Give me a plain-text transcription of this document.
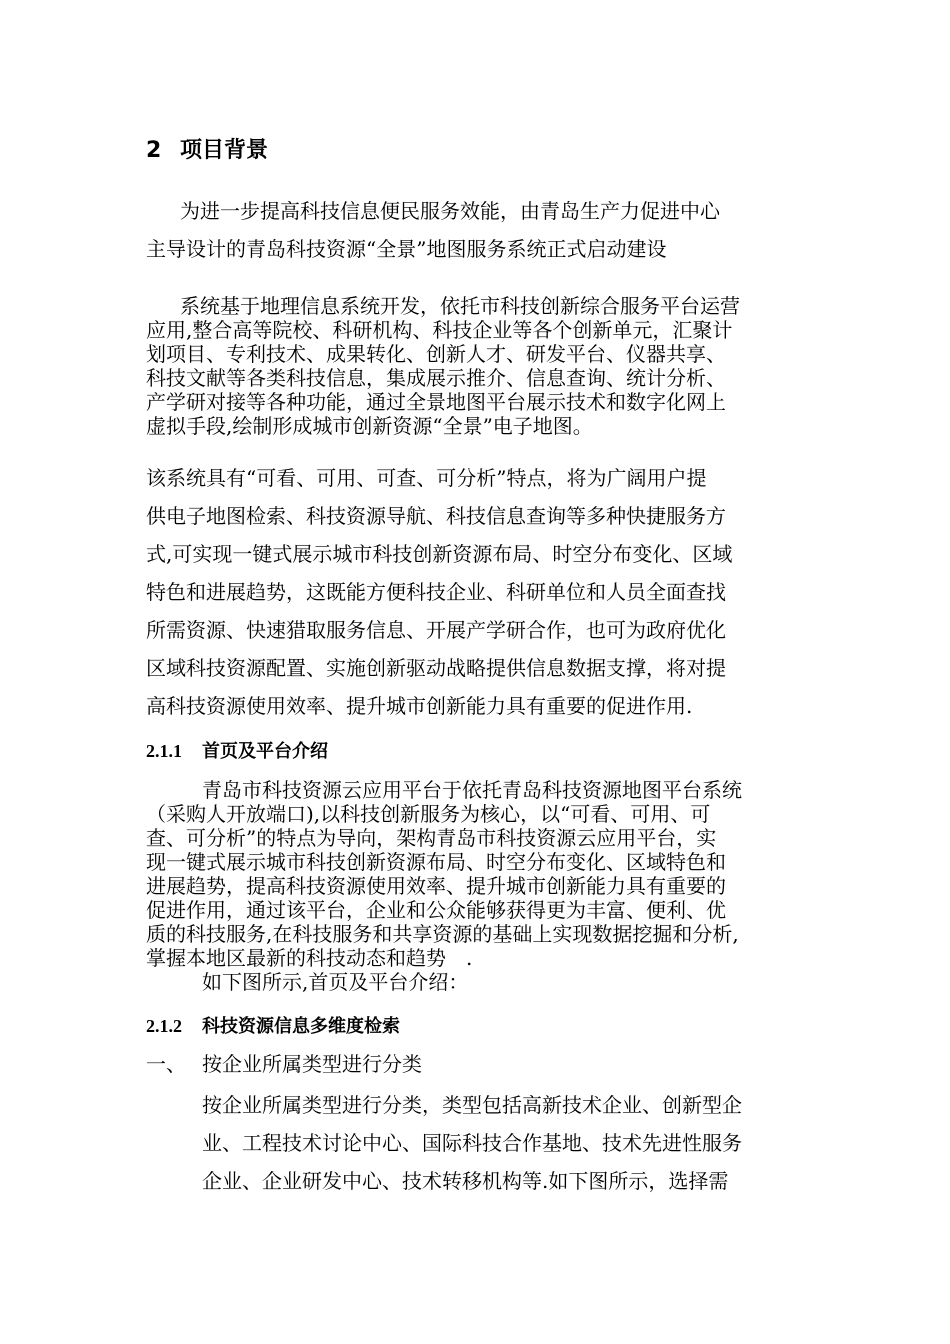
2 项目背景
为进一步提高科技信息便民服务效能，由青岛生产力促进中心
主导设计的青岛科技资源“全景”地图服务系统正式启动建设
系统基于地理信息系统开发，依托市科技创新综合服务平台运营
应用,整合高等院校、科研机构、科技企业等各个创新单元，汇聚计
划项目、专利技术、成果转化、创新人才、研发平台、仪器共享、
科技文献等各类科技信息，集成展示推介、信息查询、统计分析、
产学研对接等各种功能，通过全景地图平台展示技术和数字化网上
虚拟手段,绘制形成城市创新资源“全景”电子地图。
该系统具有“可看、可用、可查、可分析”特点，将为广阔用户提
供电子地图检索、科技资源导航、科技信息查询等多种快捷服务方
式,可实现一键式展示城市科技创新资源布局、时空分布变化、区域
特色和进展趋势，这既能方便科技企业、科研单位和人员全面查找
所需资源、快速猎取服务信息、开展产学研合作，也可为政府优化
区域科技资源配置、实施创新驱动战略提供信息数据支撑，将对提
高科技资源使用效率、提升城市创新能力具有重要的促进作用.
2.1.1 首页及平台介绍
青岛市科技资源云应用平台于依托青岛科技资源地图平台系统
（采购人开放端口),以科技创新服务为核心，以“可看、可用、可
查、可分析”的特点为导向，架构青岛市科技资源云应用平台，实
现一键式展示城市科技创新资源布局、时空分布变化、区域特色和
进展趋势，提高科技资源使用效率、提升城市创新能力具有重要的
促进作用，通过该平台，企业和公众能够获得更为丰富、便利、优
质的科技服务,在科技服务和共享资源的基础上实现数据挖掘和分析,
掌握本地区最新的科技动态和趋势　.
如下图所示,首页及平台介绍：
2.1.2 科技资源信息多维度检索
一、 按企业所属类型进行分类
按企业所属类型进行分类，类型包括高新技术企业、创新型企
业、工程技术讨论中心、国际科技合作基地、技术先进性服务
企业、企业研发中心、技术转移机构等.如下图所示，选择需
